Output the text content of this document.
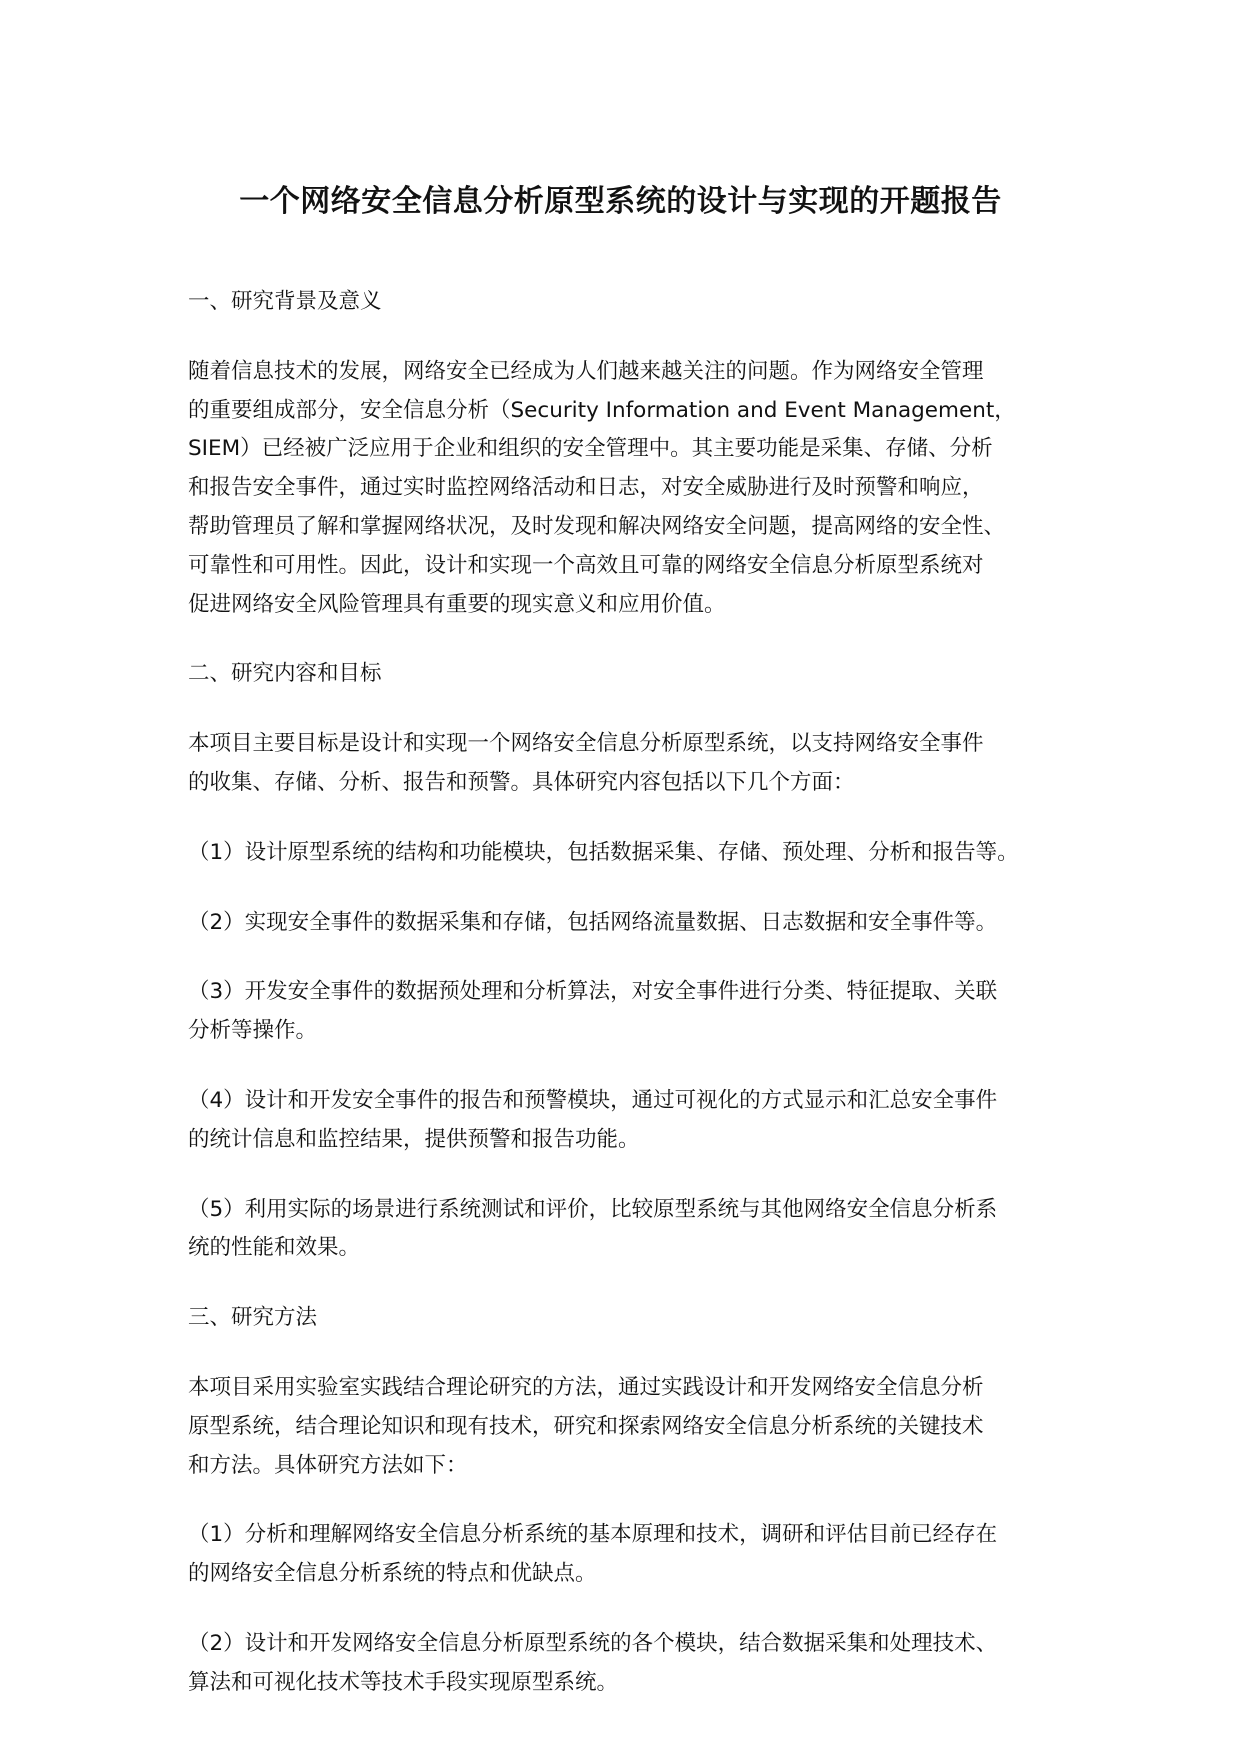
一个网络安全信息分析原型系统的设计与实现的开题报告

一、研究背景及意义

随着信息技术的发展，网络安全已经成为人们越来越关注的问题。作为网络安全管理
的重要组成部分，安全信息分析（Security Information and Event Management，
SIEM）已经被广泛应用于企业和组织的安全管理中。其主要功能是采集、存储、分析
和报告安全事件，通过实时监控网络活动和日志，对安全威胁进行及时预警和响应，
帮助管理员了解和掌握网络状况，及时发现和解决网络安全问题，提高网络的安全性、
可靠性和可用性。因此，设计和实现一个高效且可靠的网络安全信息分析原型系统对
促进网络安全风险管理具有重要的现实意义和应用价值。

二、研究内容和目标

本项目主要目标是设计和实现一个网络安全信息分析原型系统，以支持网络安全事件
的收集、存储、分析、报告和预警。具体研究内容包括以下几个方面：

（1）设计原型系统的结构和功能模块，包括数据采集、存储、预处理、分析和报告等。

（2）实现安全事件的数据采集和存储，包括网络流量数据、日志数据和安全事件等。

（3）开发安全事件的数据预处理和分析算法，对安全事件进行分类、特征提取、关联
分析等操作。

（4）设计和开发安全事件的报告和预警模块，通过可视化的方式显示和汇总安全事件
的统计信息和监控结果，提供预警和报告功能。

（5）利用实际的场景进行系统测试和评价，比较原型系统与其他网络安全信息分析系
统的性能和效果。

三、研究方法

本项目采用实验室实践结合理论研究的方法，通过实践设计和开发网络安全信息分析
原型系统，结合理论知识和现有技术，研究和探索网络安全信息分析系统的关键技术
和方法。具体研究方法如下：

（1）分析和理解网络安全信息分析系统的基本原理和技术，调研和评估目前已经存在
的网络安全信息分析系统的特点和优缺点。

（2）设计和开发网络安全信息分析原型系统的各个模块，结合数据采集和处理技术、
算法和可视化技术等技术手段实现原型系统。
